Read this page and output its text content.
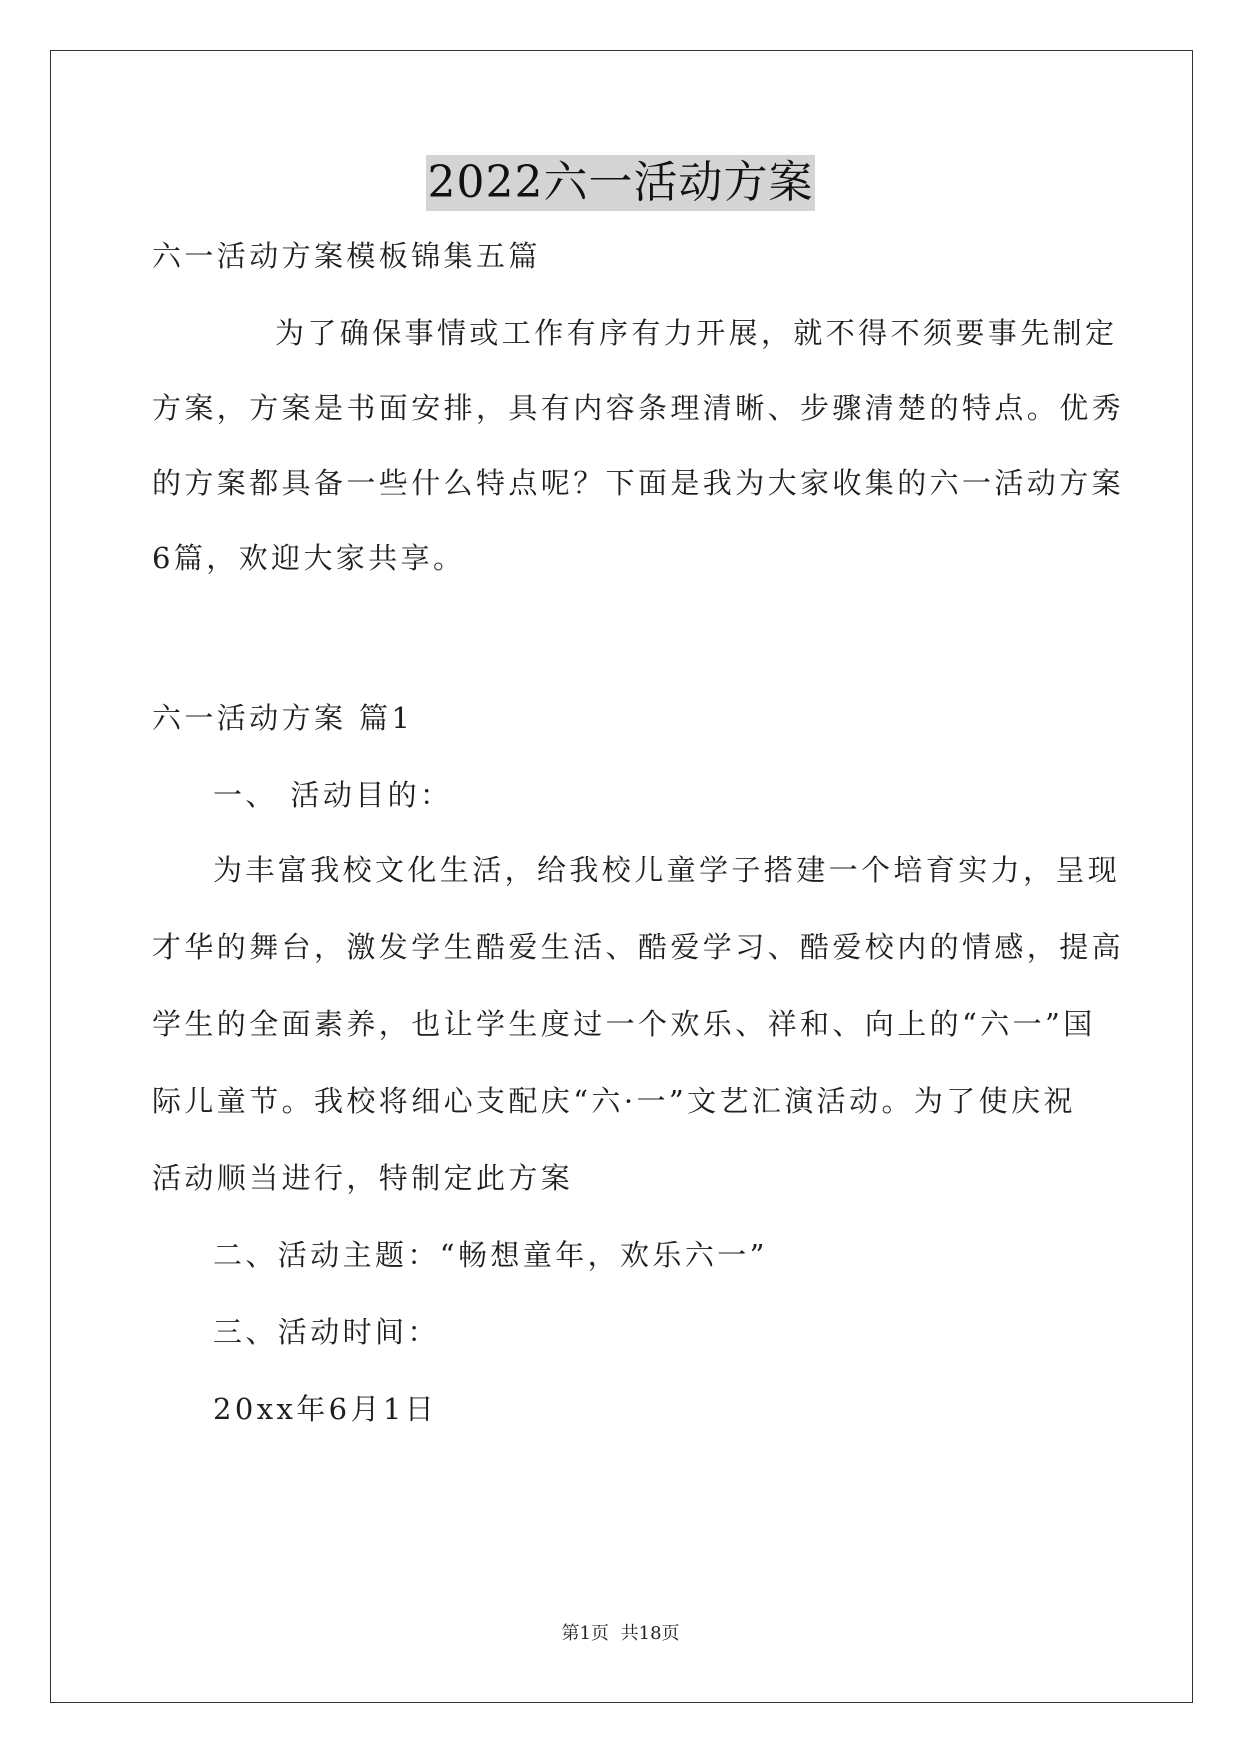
2022六一活动方案
六一活动方案模板锦集五篇
为了确保事情或工作有序有力开展，就不得不须要事先制定
方案，方案是书面安排，具有内容条理清晰、步骤清楚的特点。优秀
的方案都具备一些什么特点呢？下面是我为大家收集的六一活动方案
6篇，欢迎大家共享。
六一活动方案 篇1
一、 活动目的：
为丰富我校文化生活，给我校儿童学子搭建一个培育实力，呈现
才华的舞台，激发学生酷爱生活、酷爱学习、酷爱校内的情感，提高
学生的全面素养，也让学生度过一个欢乐、祥和、向上的“六一”国
际儿童节。我校将细心支配庆“六·一”文艺汇演活动。为了使庆祝
活动顺当进行，特制定此方案
二、活动主题：“畅想童年，欢乐六一”
三、活动时间：
20xx年6月1日
第1页 共18页
